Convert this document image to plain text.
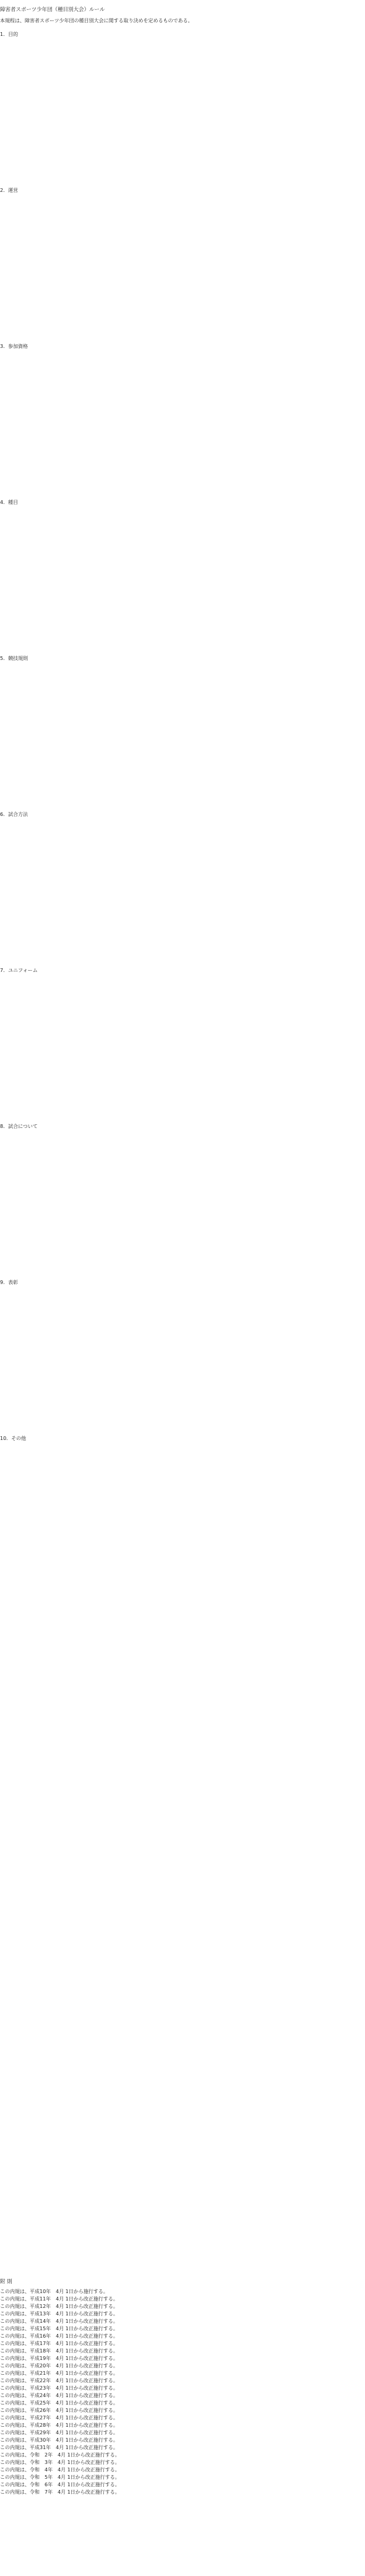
障害者スポーツ少年団（種目別大会）ルール
本規程は、障害者スポーツ少年団の種目別大会に関する取り決めを定めるものである。
1．目的
2．運営
3．参加資格
4．種目
5．競技規則
6．試合方法
7．ユニフォーム
8．試合について
9．表彰
10．その他
附 則
この内規は、平成10年　4月 1日から施行する。
この内規は、平成11年　4月 1日から改正施行する。
この内規は、平成12年　4月 1日から改正施行する。
この内規は、平成13年　4月 1日から改正施行する。
この内規は、平成14年　4月 1日から改正施行する。
この内規は、平成15年　4月 1日から改正施行する。
この内規は、平成16年　4月 1日から改正施行する。
この内規は、平成17年　4月 1日から改正施行する。
この内規は、平成18年　4月 1日から改正施行する。
この内規は、平成19年　4月 1日から改正施行する。
この内規は、平成20年　4月 1日から改正施行する。
この内規は、平成21年　4月 1日から改正施行する。
この内規は、平成22年　4月 1日から改正施行する。
この内規は、平成23年　4月 1日から改正施行する。
この内規は、平成24年　4月 1日から改正施行する。
この内規は、平成25年　4月 1日から改正施行する。
この内規は、平成26年　4月 1日から改正施行する。
この内規は、平成27年　4月 1日から改正施行する。
この内規は、平成28年　4月 1日から改正施行する。
この内規は、平成29年　4月 1日から改正施行する。
この内規は、平成30年　4月 1日から改正施行する。
この内規は、平成31年　4月 1日から改正施行する。
この内規は、令和　2年　4月 1日から改正施行する。
この内規は、令和　3年　4月 1日から改正施行する。
この内規は、令和　4年　4月 1日から改正施行する。
この内規は、令和　5年　4月 1日から改正施行する。
この内規は、令和　6年　4月 1日から改正施行する。
この内規は、令和　7年　4月 1日から改正施行する。
